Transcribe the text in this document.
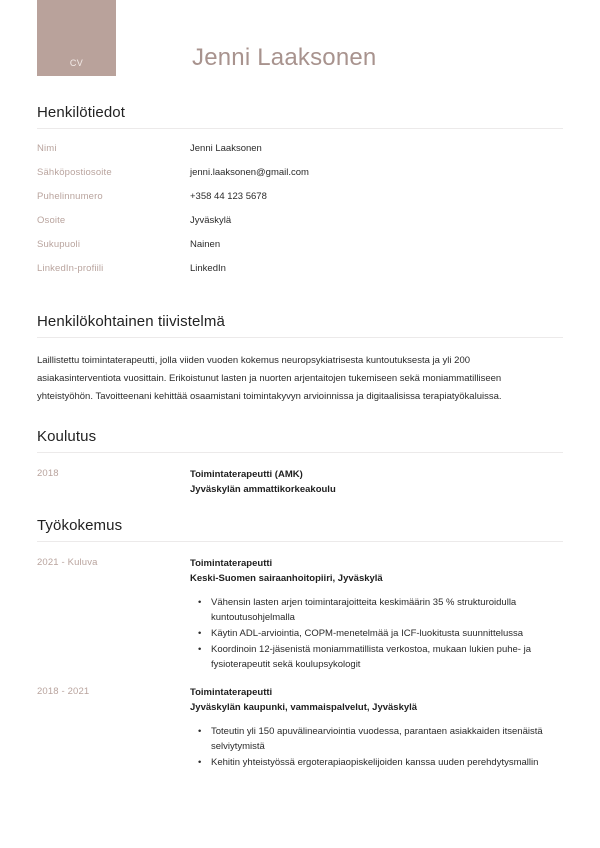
CV	Jenni Laaksonen
Henkilötiedot
Nimi	Jenni Laaksonen
Sähköpostiosoite	jenni.laaksonen@gmail.com
Puhelinnumero	+358 44 123 5678
Osoite	Jyväskylä
Sukupuoli	Nainen
LinkedIn-profiili	LinkedIn
Henkilökohtainen tiivistelmä

Laillistettu toimintaterapeutti, jolla viiden vuoden kokemus neuropsykiatrisesta kuntoutuksesta ja yli 200 asiakasinterventiota vuosittain. Erikoistunut lasten ja nuorten arjentaitojen tukemiseen sekä moniammatilliseen yhteistyöhön. Tavoitteenani kehittää osaamistani toimintakyvyn arvioinnissa ja digitaalisissa terapiatyökaluissa.

Koulutus
2018	Toimintaterapeutti (AMK)
Jyväskylän ammattikorkeakoulu
Työkokemus
2021 - Kuluva	Toimintaterapeutti
Keski-Suomen sairaanhoitopiiri, Jyväskylä
• Vähensin lasten arjen toimintarajoitteita keskimäärin 35 % strukturoidulla kuntoutusohjelmalla
• Käytin ADL-arviointia, COPM-menetelmää ja ICF-luokitusta suunnittelussa
• Koordinoin 12-jäsenistä moniammatillista verkostoa, mukaan lukien puhe- ja fysioterapeutit sekä koulupsykologit
2018 - 2021	Toimintaterapeutti
Jyväskylän kaupunki, vammaispalvelut, Jyväskylä
• Toteutin yli 150 apuvälinearviointia vuodessa, parantaen asiakkaiden itsenäistä selviytymistä
• Kehitin yhteistyössä ergoterapiaopiskelijoiden kanssa uuden perehdytysmallin
